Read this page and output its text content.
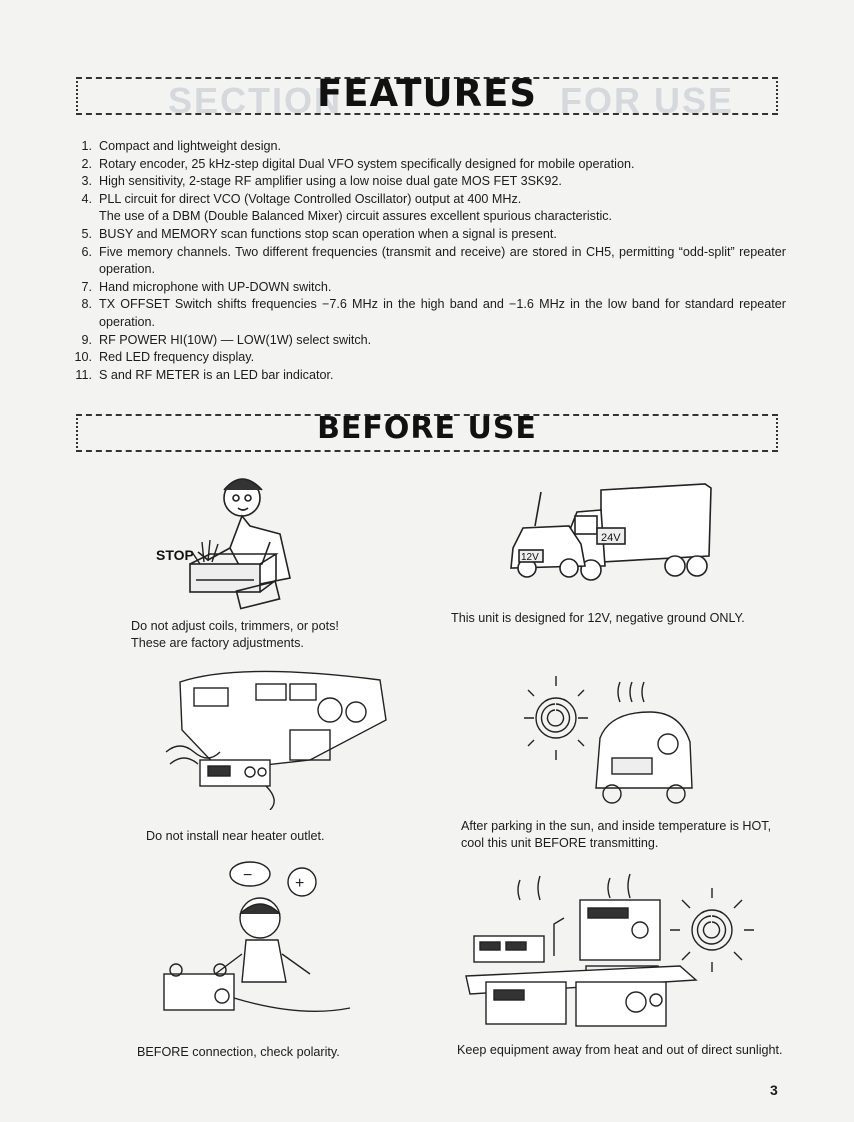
SECTION	FOR USE
FEATURES
1. Compact and lightweight design.
2. Rotary encoder, 25 kHz-step digital Dual VFO system specifically designed for mobile operation.
3. High sensitivity, 2-stage RF amplifier using a low noise dual gate MOS FET 3SK92.
4. PLL circuit for direct VCO (Voltage Controlled Oscillator) output at 400 MHz.
The use of a DBM (Double Balanced Mixer) circuit assures excellent spurious characteristic.
5. BUSY and MEMORY scan functions stop scan operation when a signal is present.
6. Five memory channels. Two different frequencies (transmit and receive) are stored in CH5, permitting “odd-split” repeater operation.
7. Hand microphone with UP-DOWN switch.
8. TX OFFSET Switch shifts frequencies −7.6 MHz in the high band and −1.6 MHz in the low band for standard repeater operation.
9. RF POWER HI(10W) — LOW(1W) select switch.
10. Red LED frequency display.
11. S and RF METER is an LED bar indicator.
BEFORE USE
STOP
24V
12V
Do not adjust coils, trimmers, or pots! These are factory adjustments.
This unit is designed for 12V, negative ground ONLY.
Do not install near heater outlet.
After parking in the sun, and inside temperature is HOT, cool this unit BEFORE transmitting.
−	+
BEFORE connection, check polarity.	Keep equipment away from heat and out of direct sunlight.
3
